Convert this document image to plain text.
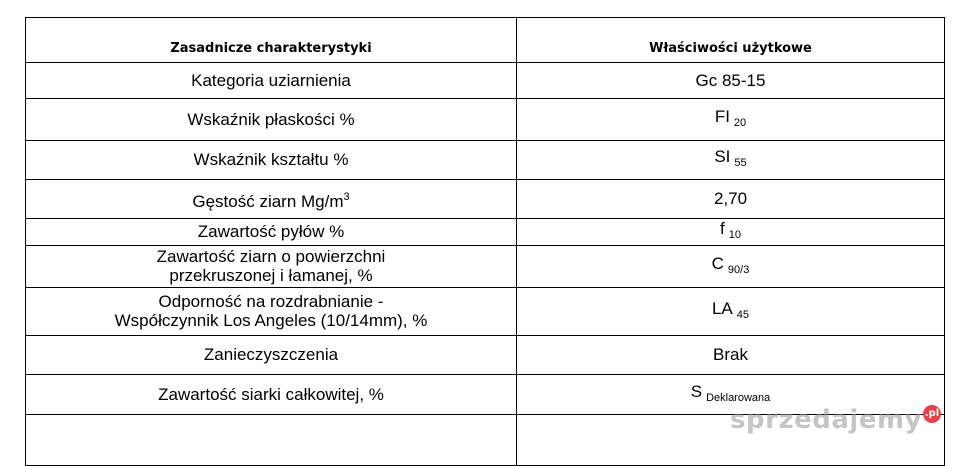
Zasadnicze charakterystyki	Właściwości użytkowe
Kategoria uziarnienia	Gc 85-15
Wskaźnik płaskości %	FI $_{20}$
Wskaźnik kształtu %	SI $_{55}$
Gęstość ziarn $Mg/m^3$	2,70
Zawartość pyłów %	f $_{10}$
Zawartość ziarn o powierzchni
przekruszonej i łamanej, %	C $_{90/3}$
Odporność na rozdrabnianie -
Współczynnik Los Angeles (10/14mm), %	LA $_{45}$
Zanieczyszczenia	Brak
Zawartość siarki całkowitej, %	S $_{Deklarowana}$

sprzedajemy .pl
